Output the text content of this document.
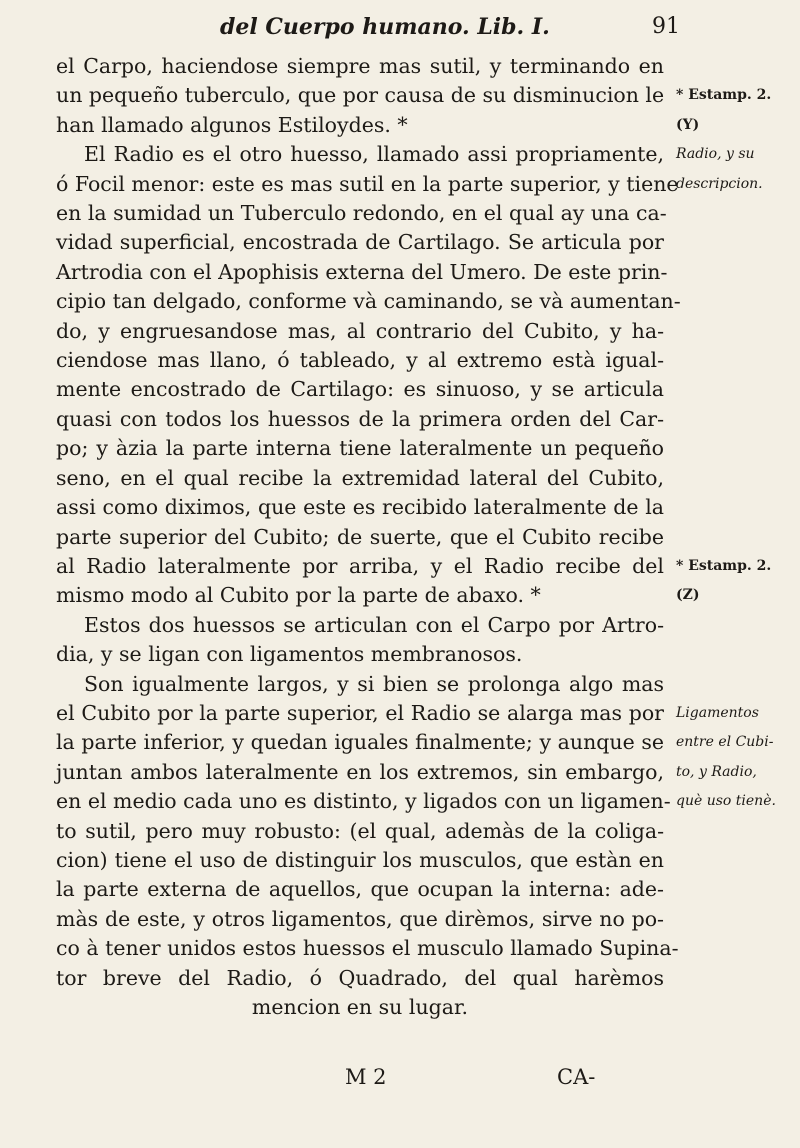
del Cuerpo humano. Lib. I.	91
el Carpo, haciendose siempre mas sutil, y terminando en
un pequeño tuberculo, que por causa de su disminucion le
han llamado algunos Estiloydes. *
El Radio es el otro huesso, llamado assi propriamente,
ó Focil menor: este es mas sutil en la parte superior, y tiene
en la sumidad un Tuberculo redondo, en el qual ay una ca-
vidad superficial, encostrada de Cartilago. Se articula por
Artrodia con el Apophisis externa del Umero. De este prin-
cipio tan delgado, conforme và caminando, se và aumentan-
do, y engruesandose mas, al contrario del Cubito, y ha-
ciendose mas llano, ó tableado, y al extremo està igual-
mente encostrado de Cartilago: es sinuoso, y se articula
quasi con todos los huessos de la primera orden del Car-
po; y àzia la parte interna tiene lateralmente un pequeño
seno, en el qual recibe la extremidad lateral del Cubito,
assi como diximos, que este es recibido lateralmente de la
parte superior del Cubito; de suerte, que el Cubito recibe
al Radio lateralmente por arriba, y el Radio recibe del
mismo modo al Cubito por la parte de abaxo. *
Estos dos huessos se articulan con el Carpo por Artro-
dia, y se ligan con ligamentos membranosos.
Son igualmente largos, y si bien se prolonga algo mas
el Cubito por la parte superior, el Radio se alarga mas por
la parte inferior, y quedan iguales finalmente; y aunque se
juntan ambos lateralmente en los extremos, sin embargo,
en el medio cada uno es distinto, y ligados con un ligamen-
to sutil, pero muy robusto: (el qual, ademàs de la coliga-
cion) tiene el uso de distinguir los musculos, que estàn en
la parte externa de aquellos, que ocupan la interna: ade-
màs de este, y otros ligamentos, que dirèmos, sirve no po-
co à tener unidos estos huessos el musculo llamado Supina-
tor breve del Radio, ó Quadrado, del qual harèmos
mencion en su lugar.
* Estamp. 2.
(Y)
Radio, y su
descripcion.
* Estamp. 2.
(Z)
Ligamentos
entre el Cubi-
to, y Radio,
què uso tienè.
M 2	CA-
